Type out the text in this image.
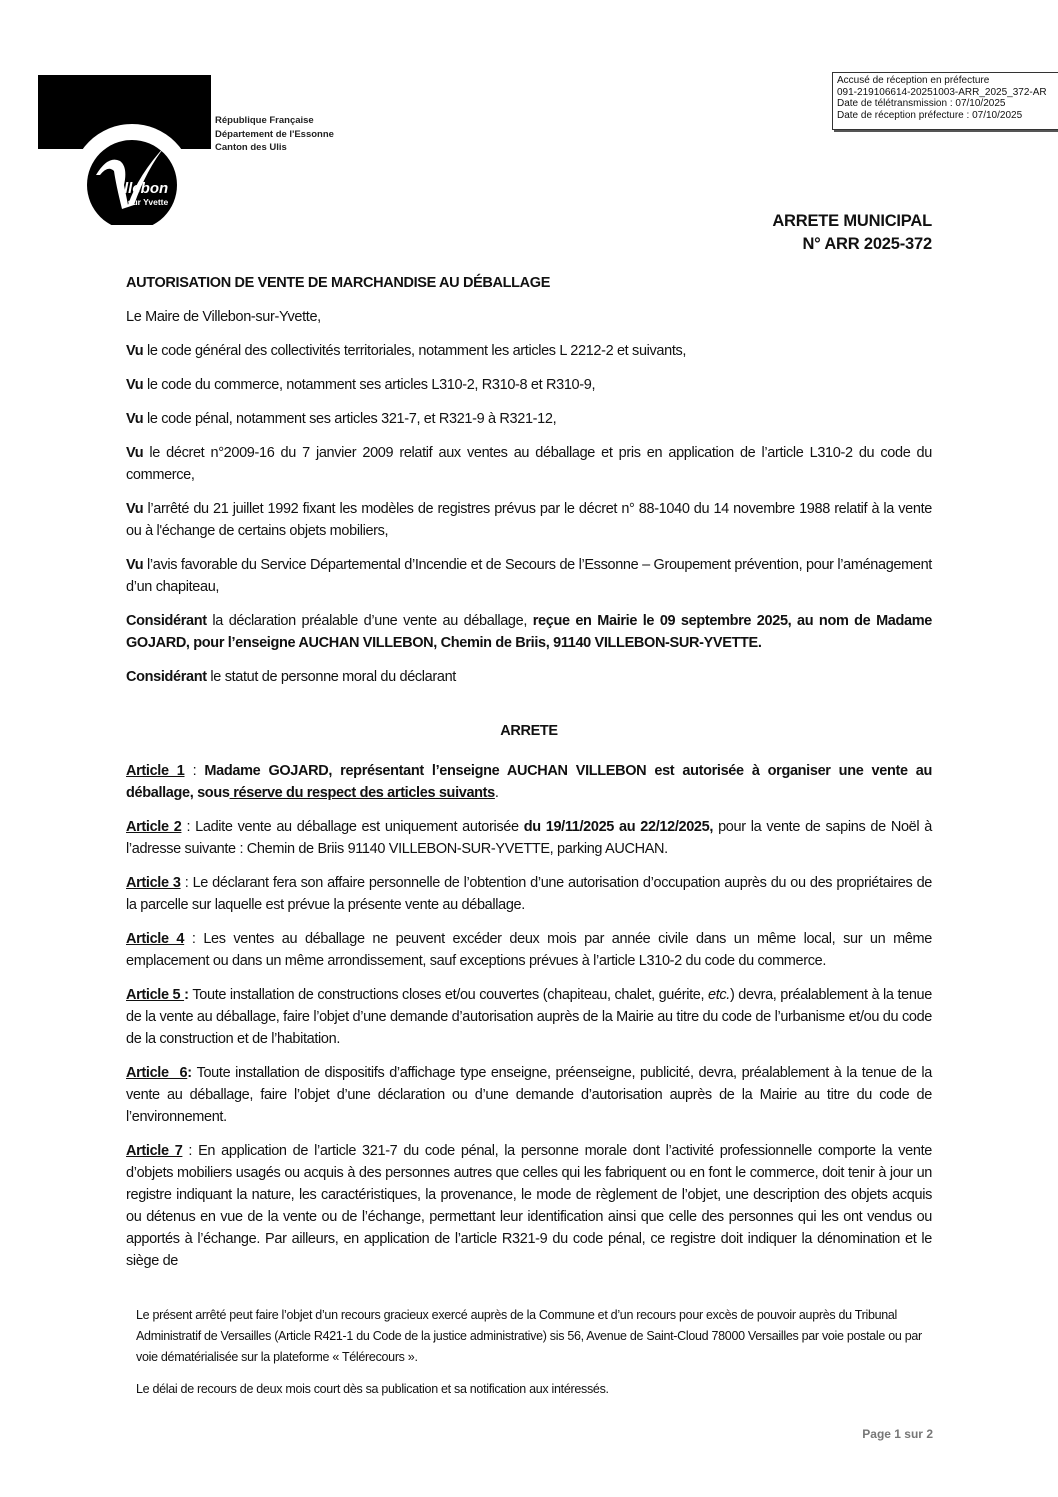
illebon
sur Yvette
République Française
Département de l'Essonne
Canton des Ulis
Accusé de réception en préfecture
091-219106614-20251003-ARR_2025_372-AR
Date de télétransmission : 07/10/2025
Date de réception préfecture : 07/10/2025
ARRETE MUNICIPAL
N° ARR 2025-372

AUTORISATION DE VENTE DE MARCHANDISE AU DÉBALLAGE

Le Maire de Villebon-sur-Yvette,

Vu le code général des collectivités territoriales, notamment les articles L 2212-2 et suivants,

Vu le code du commerce, notamment ses articles L310-2, R310-8 et R310-9,

Vu le code pénal, notamment ses articles 321-7, et R321-9 à R321-12,

Vu le décret n°2009-16 du 7 janvier 2009 relatif aux ventes au déballage et pris en application de l’article L310-2 du code du commerce,

Vu l’arrêté du 21 juillet 1992 fixant les modèles de registres prévus par le décret n° 88-1040 du 14 novembre 1988 relatif à la vente ou à l'échange de certains objets mobiliers,

Vu l’avis favorable du Service Départemental d’Incendie et de Secours de l’Essonne – Groupement prévention, pour l’aménagement d’un chapiteau,

Considérant la déclaration préalable d’une vente au déballage, reçue en Mairie le 09 septembre 2025, au nom de Madame GOJARD, pour l’enseigne AUCHAN VILLEBON, Chemin de Briis, 91140 VILLEBON-SUR-YVETTE.

Considérant le statut de personne moral du déclarant

ARRETE

Article 1 : Madame GOJARD, représentant l’enseigne AUCHAN VILLEBON est autorisée à organiser une vente au déballage, sous réserve du respect des articles suivants.

Article 2 : Ladite vente au déballage est uniquement autorisée du 19/11/2025 au 22/12/2025, pour la vente de sapins de Noël à l’adresse suivante : Chemin de Briis 91140 VILLEBON-SUR-YVETTE, parking AUCHAN.

Article 3 : Le déclarant fera son affaire personnelle de l’obtention d’une autorisation d’occupation auprès du ou des propriétaires de la parcelle sur laquelle est prévue la présente vente au déballage.

Article 4 : Les ventes au déballage ne peuvent excéder deux mois par année civile dans un même local, sur un même emplacement ou dans un même arrondissement, sauf exceptions prévues à l’article L310-2 du code du commerce.

Article 5 : Toute installation de constructions closes et/ou couvertes (chapiteau, chalet, guérite, etc.) devra, préalablement à la tenue de la vente au déballage, faire l’objet d’une demande d’autorisation auprès de la Mairie au titre du code de l’urbanisme et/ou du code de la construction et de l’habitation.

Article 6: Toute installation de dispositifs d’affichage type enseigne, préenseigne, publicité, devra, préalablement à la tenue de la vente au déballage, faire l’objet d’une déclaration ou d’une demande d’autorisation auprès de la Mairie au titre du code de l’environnement.

Article 7 : En application de l’article 321-7 du code pénal, la personne morale dont l’activité professionnelle comporte la vente d’objets mobiliers usagés ou acquis à des personnes autres que celles qui les fabriquent ou en font le commerce, doit tenir à jour un registre indiquant la nature, les caractéristiques, la provenance, le mode de règlement de l’objet, une description des objets acquis ou détenus en vue de la vente ou de l’échange, permettant leur identification ainsi que celle des personnes qui les ont vendus ou apportés à l’échange. Par ailleurs, en application de l’article R321-9 du code pénal, ce registre doit indiquer la dénomination et le siège de

Le présent arrêté peut faire l’objet d’un recours gracieux exercé auprès de la Commune et d’un recours pour excès de pouvoir auprès du Tribunal Administratif de Versailles (Article R421-1 du Code de la justice administrative) sis 56, Avenue de Saint-Cloud 78000 Versailles par voie postale ou par voie dématérialisée sur la plateforme « Télérecours ».

Le délai de recours de deux mois court dès sa publication et sa notification aux intéressés.

Page 1 sur 2
